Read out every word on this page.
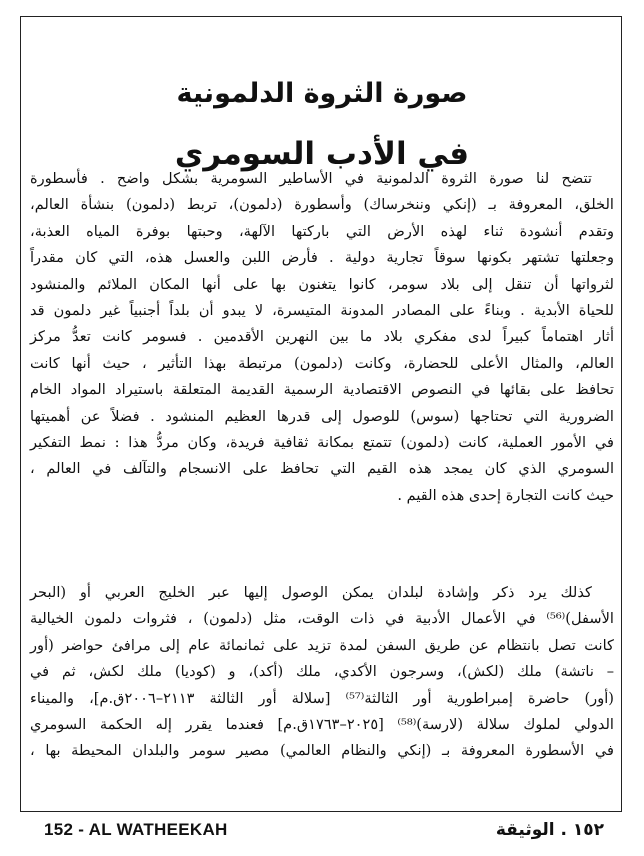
صورة الثروة الدلمونية
في الأدب السومري
تتضح لنا صورة الثروة الدلمونية في الأساطير السومرية بشكل واضح . فأسطورة
الخلق، المعروفة بـ (إنكي وننخرساك) وأسطورة (دلمون)، تربط (دلمون) بنشأة العالم،
وتقدم أنشودة ثناء لهذه الأرض التي باركتها الآلهة، وحبتها بوفرة المياه العذبة،
وجعلتها تشتهر بكونها سوقاً تجارية دولية . فأرض اللبن والعسل هذه، التي كان مقدراً
لثرواتها أن تنقل إلى بلاد سومر، كانوا يتغنون بها على أنها المكان الملائم والمنشود
للحياة الأبدية . وبناءً على المصادر المدونة المتيسرة، لا يبدو أن بلداً أجنبياً غير دلمون قد
أثار اهتماماً كبيراً لدى مفكري بلاد ما بين النهرين الأقدمين . فسومر كانت تعدُّ مركز
العالم، والمثال الأعلى للحضارة، وكانت (دلمون) مرتبطة بهذا التأثير ، حيث أنها كانت
تحافظ على بقائها في النصوص الاقتصادية الرسمية القديمة المتعلقة باستيراد المواد الخام
الضرورية التي تحتاجها (سوس) للوصول إلى قدرها العظيم المنشود . فضلاً عن أهميتها
في الأمور العملية، كانت (دلمون) تتمتع بمكانة ثقافية فريدة، وكان مردُّ هذا : نمط التفكير
السومري الذي كان يمجد هذه القيم التي تحافظ على الانسجام والتآلف في العالم ،
حيث كانت التجارة إحدى هذه القيم .
كذلك يرد ذكر وإشادة لبلدان يمكن الوصول إليها عبر الخليج العربي أو (البحر
الأسفل)⁽⁵⁶⁾ في الأعمال الأدبية في ذات الوقت، مثل (دلمون) ، فثروات دلمون الخيالية
كانت تصل بانتظام عن طريق السفن لمدة تزيد على ثمانمائة عام إلى مرافئ حواضر (أور
– ناتشة) ملك (لكش)، وسرجون الأكدي، ملك (أكد)، و (كوديا) ملك لكش، ثم في
(أور) حاضرة إمبراطورية أور الثالثة⁽⁵⁷⁾ [سلالة أور الثالثة ٢١١٣–٢٠٠٦ق.م]، والميناء
الدولي لملوك سلالة (لارسة)⁽⁵⁸⁾ [٢٠٢٥–١٧٦٣ق.م] فعندما يقرر إله الحكمة السومري
في الأسطورة المعروفة بـ (إنكي والنظام العالمي) مصير سومر والبلدان المحيطة بها ،
152 - AL WATHEEKAH	١٥٢ . الوثيقة
